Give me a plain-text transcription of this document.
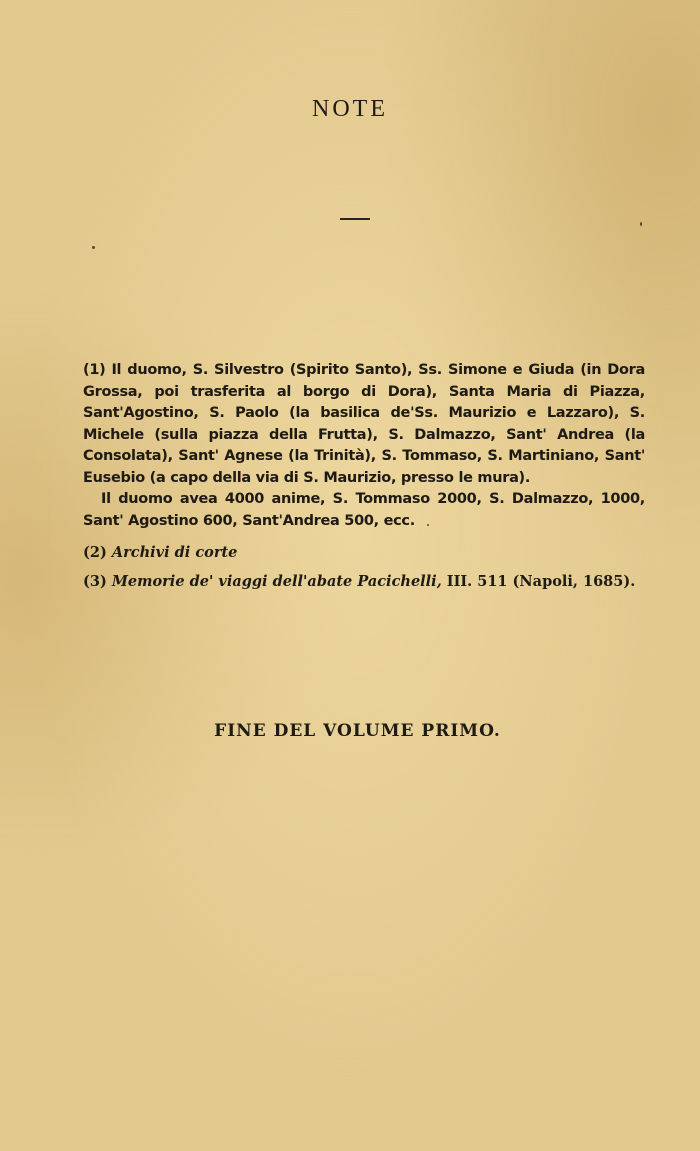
NOTE

(1) Il duomo, S. Silvestro (Spirito Santo), Ss. Simone e Giuda (in Dora Grossa, poi trasferita al borgo di Dora), Santa Maria di Piazza, Sant'Agostino, S. Paolo (la basilica de'Ss. Maurizio e Lazzaro), S. Michele (sulla piazza della Frutta), S. Dalmazzo, Sant' Andrea (la Consolata), Sant' Agnese (la Trinità), S. Tommaso, S. Martiniano, Sant' Eusebio (a capo della via di S. Maurizio, presso le mura).

Il duomo avea 4000 anime, S. Tommaso 2000, S. Dalmazzo, 1000, Sant' Agostino 600, Sant'Andrea 500, ecc.

(2) Archivi di corte
(3) Memorie de' viaggi dell'abate Pacichelli, III. 511 (Napoli, 1685).
FINE DEL VOLUME PRIMO.
